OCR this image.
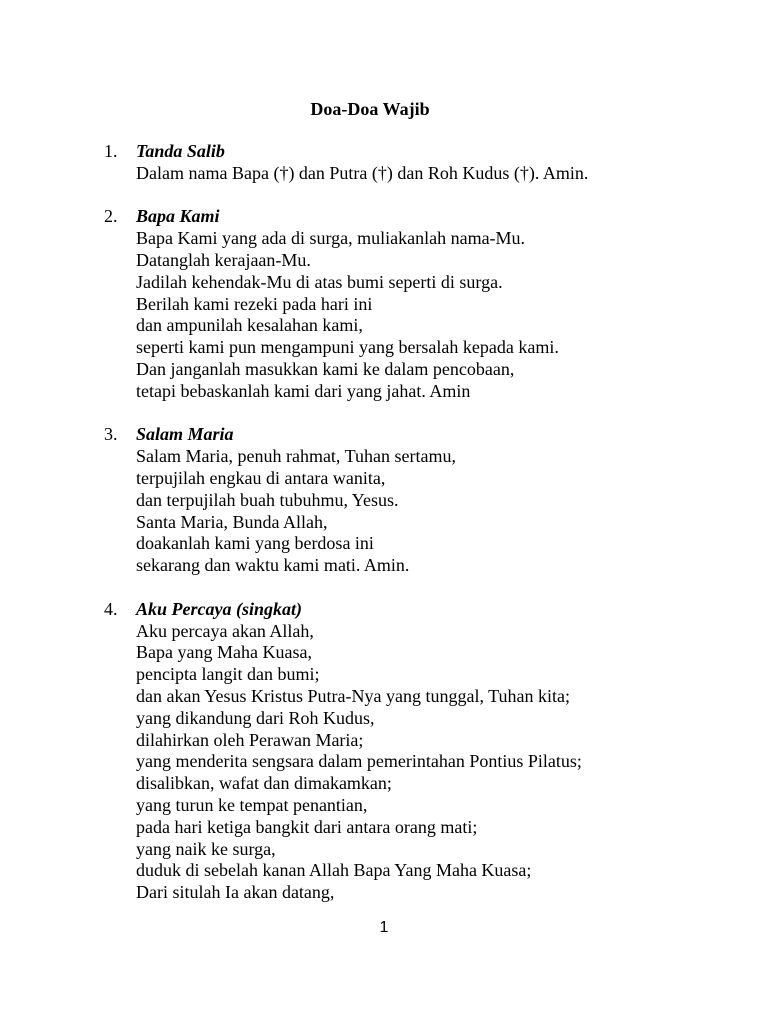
Doa-Doa Wajib
1. Tanda Salib
Dalam nama Bapa (†) dan Putra (†) dan Roh Kudus (†). Amin.
2. Bapa Kami
Bapa Kami yang ada di surga, muliakanlah nama-Mu.
Datanglah kerajaan-Mu.
Jadilah kehendak-Mu di atas bumi seperti di surga.
Berilah kami rezeki pada hari ini
dan ampunilah kesalahan kami,
seperti kami pun mengampuni yang bersalah kepada kami.
Dan janganlah masukkan kami ke dalam pencobaan,
tetapi bebaskanlah kami dari yang jahat. Amin
3. Salam Maria
Salam Maria, penuh rahmat, Tuhan sertamu,
terpujilah engkau di antara wanita,
dan terpujilah buah tubuhmu, Yesus.
Santa Maria, Bunda Allah,
doakanlah kami yang berdosa ini
sekarang dan waktu kami mati. Amin.
4. Aku Percaya (singkat)
Aku percaya akan Allah,
Bapa yang Maha Kuasa,
pencipta langit dan bumi;
dan akan Yesus Kristus Putra-Nya yang tunggal, Tuhan kita;
yang dikandung dari Roh Kudus,
dilahirkan oleh Perawan Maria;
yang menderita sengsara dalam pemerintahan Pontius Pilatus;
disalibkan, wafat dan dimakamkan;
yang turun ke tempat penantian,
pada hari ketiga bangkit dari antara orang mati;
yang naik ke surga,
duduk di sebelah kanan Allah Bapa Yang Maha Kuasa;
Dari situlah Ia akan datang,
1
